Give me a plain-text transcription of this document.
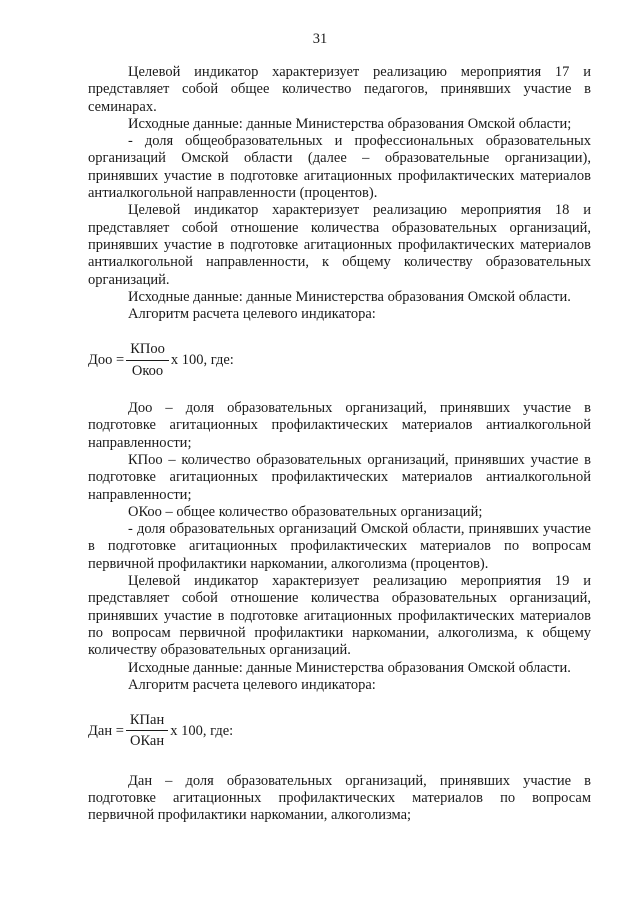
31

Целевой индикатор характеризует реализацию мероприятия 17 и представляет собой общее количество педагогов, принявших участие в семинарах.

Исходные данные: данные Министерства образования Омской области;

- доля общеобразовательных и профессиональных образовательных организаций Омской области (далее – образовательные организации), принявших участие в подготовке агитационных профилактических материалов антиалкогольной направленности (процентов).

Целевой индикатор характеризует реализацию мероприятия 18 и представляет собой отношение количества образовательных организаций, принявших участие в подготовке агитационных профилактических материалов антиалкогольной направленности, к общему количеству образовательных организаций.

Исходные данные: данные Министерства образования Омской области.

Алгоритм расчета целевого индикатора:

Доо = $\frac{\text{КПоо}}{\text{Окоо}}$ х 100, где:

Доо – доля образовательных организаций, принявших участие в подготовке агитационных профилактических материалов антиалкогольной направленности;

КПоо – количество образовательных организаций, принявших участие в подготовке агитационных профилактических материалов антиалкогольной направленности;

ОКоо – общее количество образовательных организаций;

- доля образовательных организаций Омской области, принявших участие в подготовке агитационных профилактических материалов по вопросам первичной профилактики наркомании, алкоголизма (процентов).

Целевой индикатор характеризует реализацию мероприятия 19 и представляет собой отношение количества образовательных организаций, принявших участие в подготовке агитационных профилактических материалов по вопросам первичной профилактики наркомании, алкоголизма, к общему количеству образовательных организаций.

Исходные данные: данные Министерства образования Омской области.

Алгоритм расчета целевого индикатора:

Дан = $\frac{\text{КПан}}{\text{ОКан}}$ х 100, где:

Дан – доля образовательных организаций, принявших участие в подготовке агитационных профилактических материалов по вопросам первичной профилактики наркомании, алкоголизма;
